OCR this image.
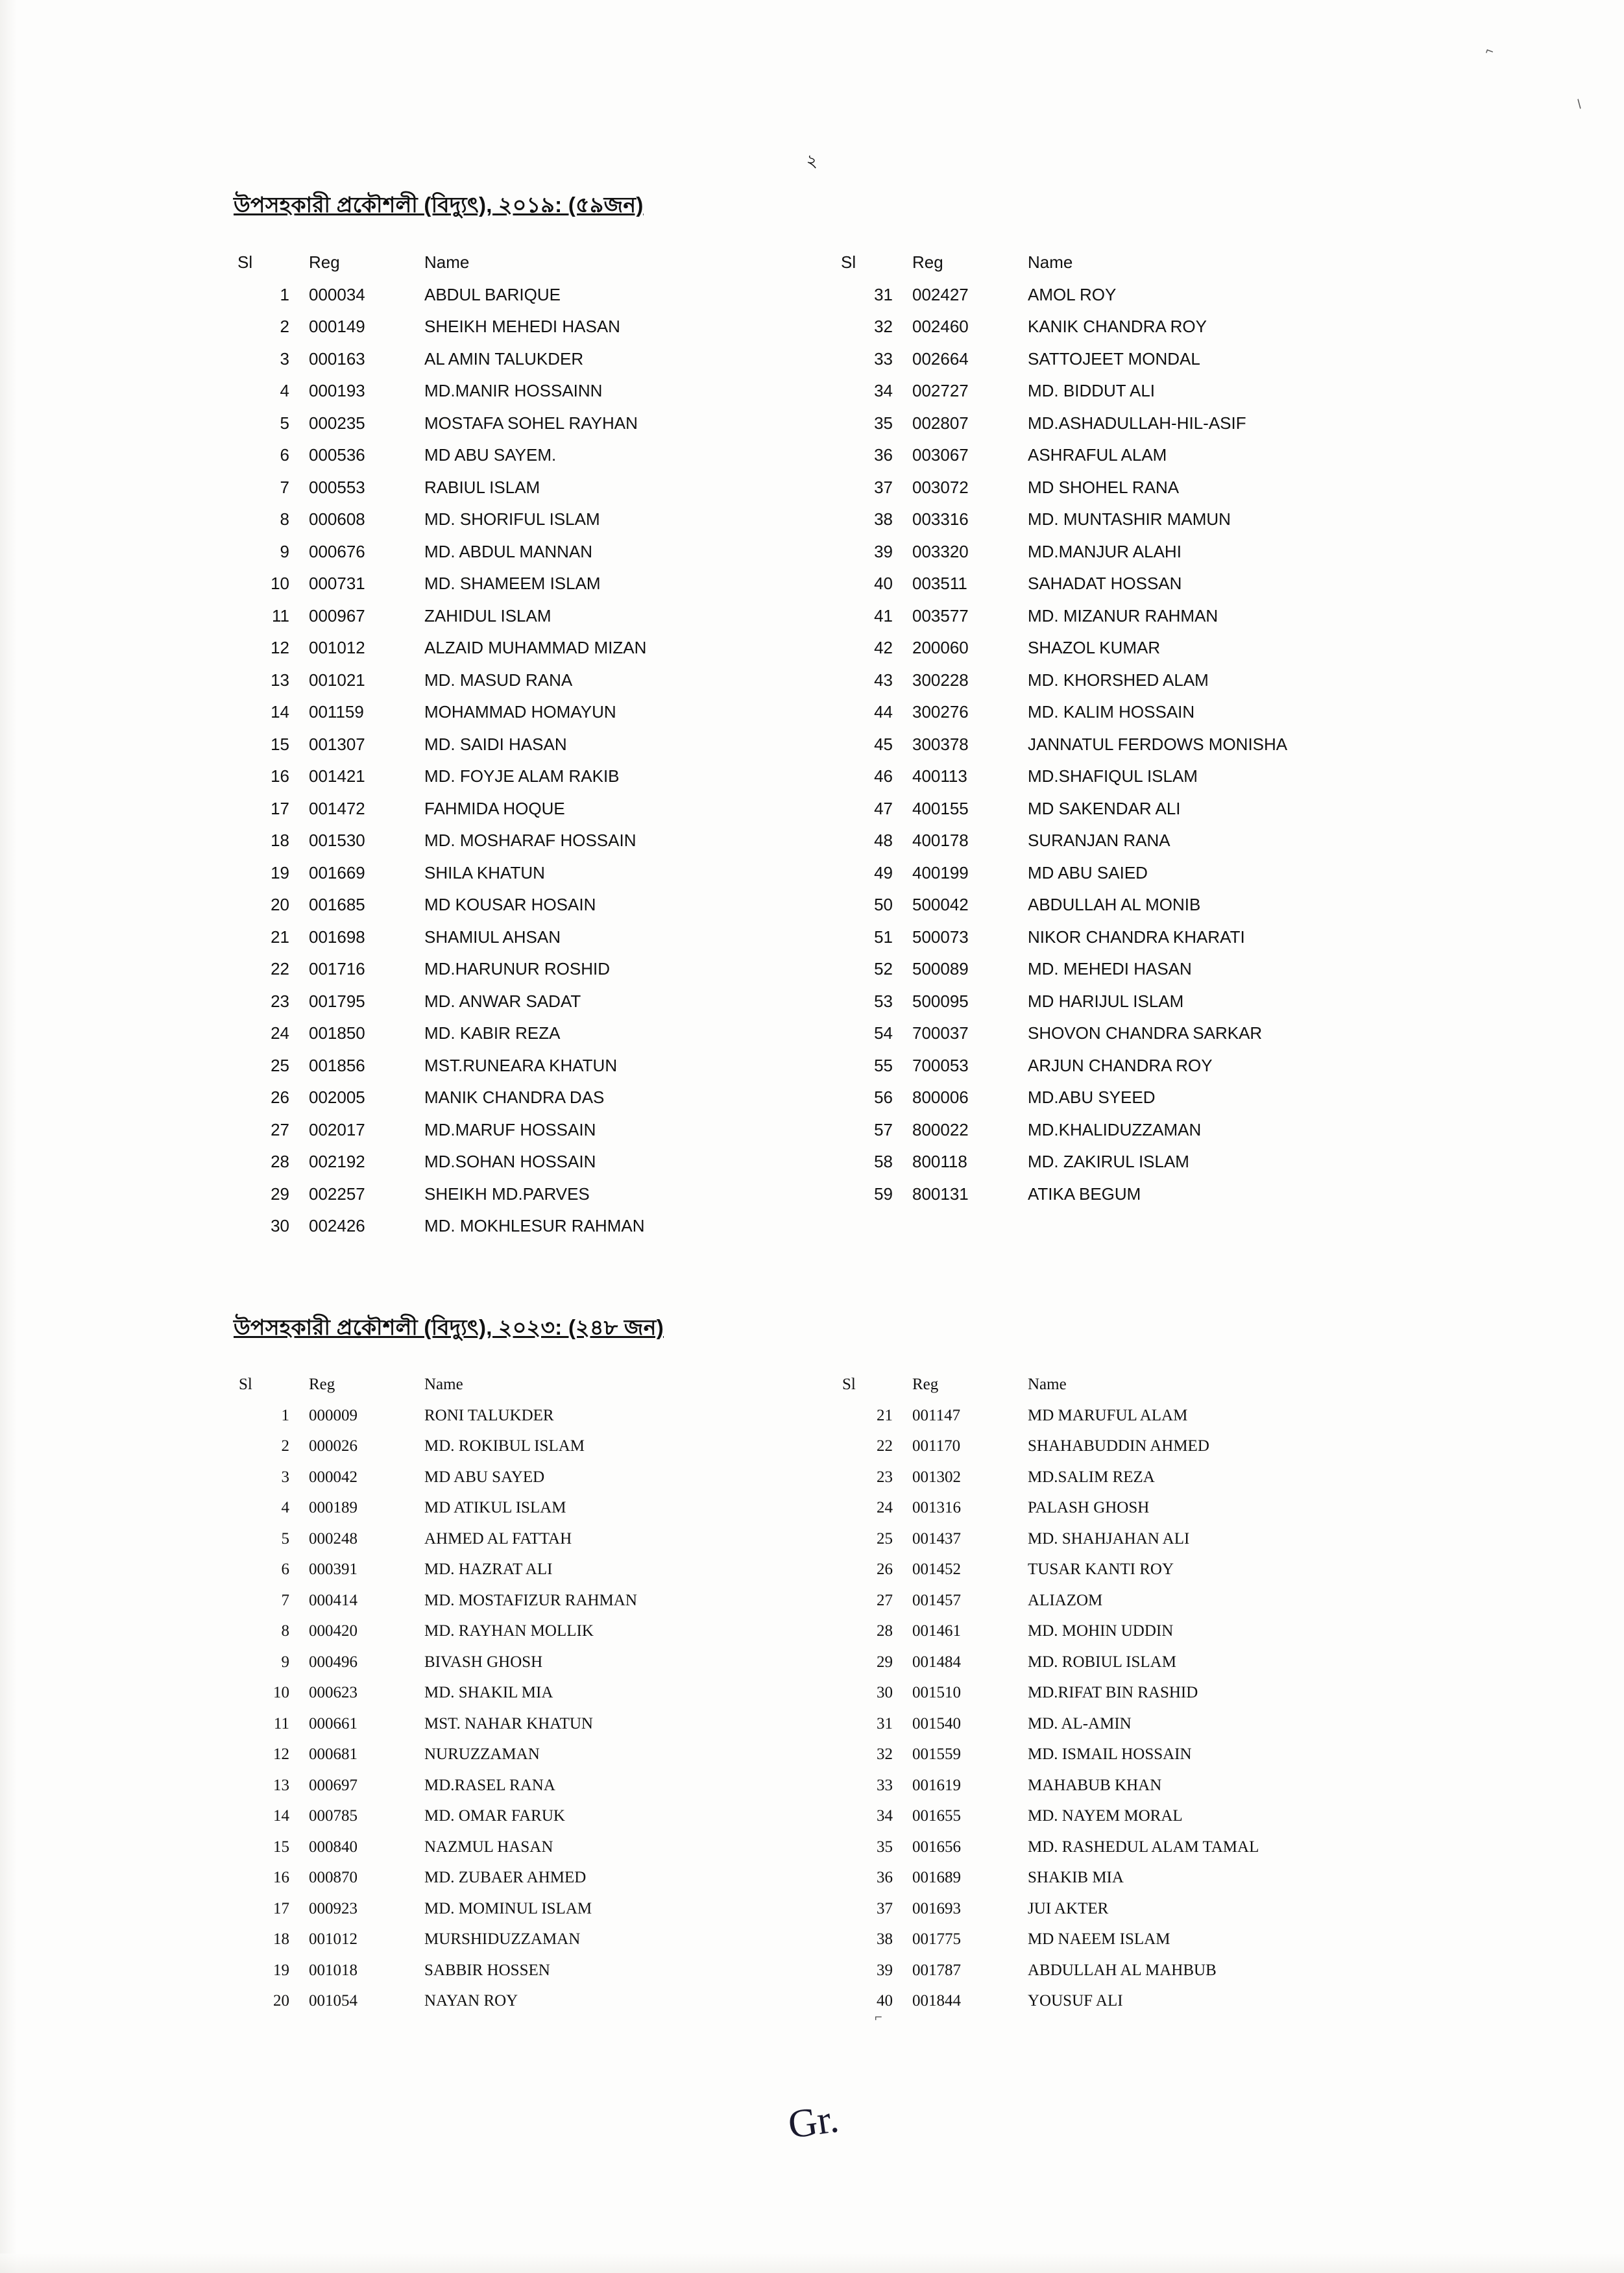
⌐
/
⌐
২
উপসহকারী প্রকৌশলী (বিদ্যুৎ), ২০১৯: (৫৯জন)
Sl	Reg	Name
1	000034	ABDUL BARIQUE
2	000149	SHEIKH MEHEDI HASAN
3	000163	AL AMIN TALUKDER
4	000193	MD.MANIR HOSSAINN
5	000235	MOSTAFA SOHEL RAYHAN
6	000536	MD ABU SAYEM.
7	000553	RABIUL ISLAM
8	000608	MD. SHORIFUL ISLAM
9	000676	MD. ABDUL MANNAN
10	000731	MD. SHAMEEM ISLAM
11	000967	ZAHIDUL ISLAM
12	001012	ALZAID MUHAMMAD MIZAN
13	001021	MD. MASUD RANA
14	001159	MOHAMMAD HOMAYUN
15	001307	MD. SAIDI HASAN
16	001421	MD. FOYJE ALAM RAKIB
17	001472	FAHMIDA HOQUE
18	001530	MD. MOSHARAF HOSSAIN
19	001669	SHILA KHATUN
20	001685	MD KOUSAR HOSAIN
21	001698	SHAMIUL AHSAN
22	001716	MD.HARUNUR ROSHID
23	001795	MD. ANWAR SADAT
24	001850	MD. KABIR REZA
25	001856	MST.RUNEARA KHATUN
26	002005	MANIK CHANDRA DAS
27	002017	MD.MARUF HOSSAIN
28	002192	MD.SOHAN HOSSAIN
29	002257	SHEIKH MD.PARVES
30	002426	MD. MOKHLESUR RAHMAN
Sl	Reg	Name
31	002427	AMOL ROY
32	002460	KANIK CHANDRA ROY
33	002664	SATTOJEET MONDAL
34	002727	MD. BIDDUT ALI
35	002807	MD.ASHADULLAH-HIL-ASIF
36	003067	ASHRAFUL ALAM
37	003072	MD SHOHEL RANA
38	003316	MD. MUNTASHIR MAMUN
39	003320	MD.MANJUR ALAHI
40	003511	SAHADAT HOSSAN
41	003577	MD. MIZANUR RAHMAN
42	200060	SHAZOL KUMAR
43	300228	MD. KHORSHED ALAM
44	300276	MD. KALIM HOSSAIN
45	300378	JANNATUL FERDOWS MONISHA
46	400113	MD.SHAFIQUL ISLAM
47	400155	MD SAKENDAR ALI
48	400178	SURANJAN RANA
49	400199	MD ABU SAIED
50	500042	ABDULLAH AL MONIB
51	500073	NIKOR CHANDRA KHARATI
52	500089	MD. MEHEDI HASAN
53	500095	MD HARIJUL ISLAM
54	700037	SHOVON CHANDRA SARKAR
55	700053	ARJUN CHANDRA ROY
56	800006	MD.ABU SYEED
57	800022	MD.KHALIDUZZAMAN
58	800118	MD. ZAKIRUL ISLAM
59	800131	ATIKA BEGUM
উপসহকারী প্রকৌশলী (বিদ্যুৎ), ২০২৩: (২৪৮ জন)
Sl	Reg	Name
1	000009	RONI TALUKDER
2	000026	MD. ROKIBUL ISLAM
3	000042	MD ABU SAYED
4	000189	MD ATIKUL ISLAM
5	000248	AHMED AL FATTAH
6	000391	MD. HAZRAT ALI
7	000414	MD. MOSTAFIZUR RAHMAN
8	000420	MD. RAYHAN MOLLIK
9	000496	BIVASH GHOSH
10	000623	MD. SHAKIL MIA
11	000661	MST. NAHAR KHATUN
12	000681	NURUZZAMAN
13	000697	MD.RASEL RANA
14	000785	MD. OMAR FARUK
15	000840	NAZMUL HASAN
16	000870	MD. ZUBAER AHMED
17	000923	MD. MOMINUL ISLAM
18	001012	MURSHIDUZZAMAN
19	001018	SABBIR HOSSEN
20	001054	NAYAN ROY
Sl	Reg	Name
21	001147	MD MARUFUL ALAM
22	001170	SHAHABUDDIN AHMED
23	001302	MD.SALIM REZA
24	001316	PALASH GHOSH
25	001437	MD. SHAHJAHAN ALI
26	001452	TUSAR KANTI ROY
27	001457	ALIAZOM
28	001461	MD. MOHIN UDDIN
29	001484	MD. ROBIUL ISLAM
30	001510	MD.RIFAT BIN RASHID
31	001540	MD. AL-AMIN
32	001559	MD. ISMAIL HOSSAIN
33	001619	MAHABUB KHAN
34	001655	MD. NAYEM MORAL
35	001656	MD. RASHEDUL ALAM TAMAL
36	001689	SHAKIB MIA
37	001693	JUI AKTER
38	001775	MD NAEEM ISLAM
39	001787	ABDULLAH AL MAHBUB
40	001844	YOUSUF ALI
Gr.
